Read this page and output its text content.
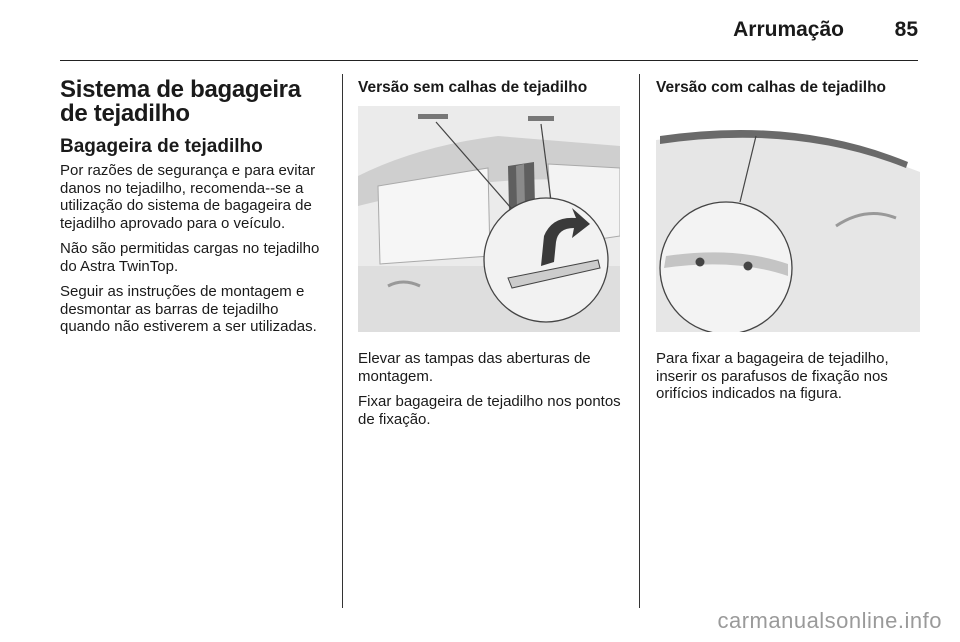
Arrumação 85
Sistema de bagageira de tejadilho
Bagageira de tejadilho

Por razões de segurança e para evitar danos no tejadilho, recomenda--se a utilização do sistema de bagageira de tejadilho aprovado para o veículo.

Não são permitidas cargas no tejadilho do Astra TwinTop.

Seguir as instruções de montagem e desmontar as barras de tejadilho quando não estiverem a ser utilizadas.

Versão sem calhas de tejadilho

Elevar as tampas das aberturas de montagem.

Fixar bagageira de tejadilho nos pontos de fixação.

Versão com calhas de tejadilho

Para fixar a bagageira de tejadilho, inserir os parafusos de fixação nos orifícios indicados na figura.

carmanualsonline.info
